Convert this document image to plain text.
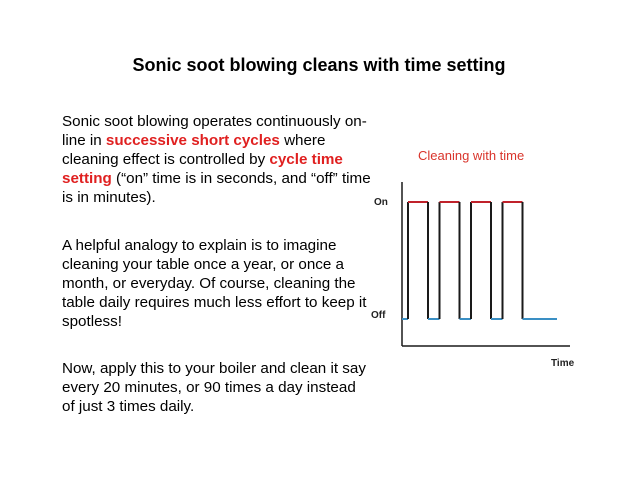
Sonic soot blowing cleans with time setting
Sonic soot blowing operates continuously on-line in successive short cycles where cleaning effect is controlled by cycle time setting (“on” time is in seconds, and “off” time is in minutes).
A helpful analogy to explain is to imagine cleaning your table once a year, or once a month, or everyday. Of course, cleaning the table daily requires much less effort to keep it spotless!
Now, apply this to your boiler and clean it say every 20 minutes, or 90 times a day instead of just 3 times daily.
Cleaning with time
On
Off
Time
